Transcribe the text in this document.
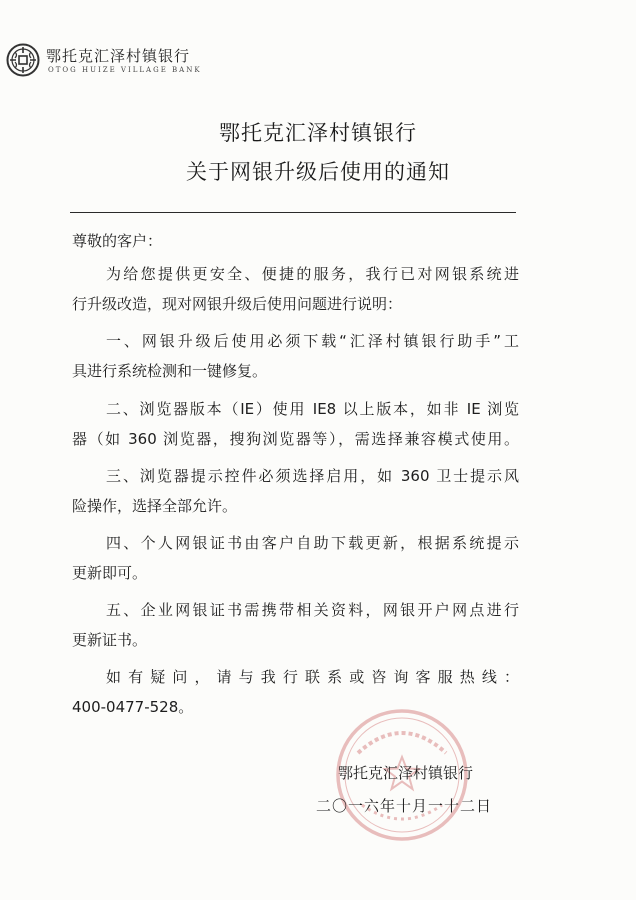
鄂托克汇泽村镇银行
OTOG HUIZE VILLAGE BANK
鄂托克汇泽村镇银行
关于网银升级后使用的通知
尊敬的客户：
为给您提供更安全、便捷的服务，我行已对网银系统进
行升级改造，现对网银升级后使用问题进行说明：
一、网银升级后使用必须下载“汇泽村镇银行助手”工
具进行系统检测和一键修复。
二、浏览器版本（IE）使用 IE8 以上版本，如非 IE 浏览
器（如 360 浏览器，搜狗浏览器等），需选择兼容模式使用。
三、浏览器提示控件必须选择启用，如 360 卫士提示风
险操作，选择全部允许。
四、个人网银证书由客户自助下载更新，根据系统提示
更新即可。
五、企业网银证书需携带相关资料，网银开户网点进行
更新证书。
如有疑问，请与我行联系或咨询客服热线：
400-0477-528。
鄂托克汇泽村镇银行
二〇一六年十月一十二日
